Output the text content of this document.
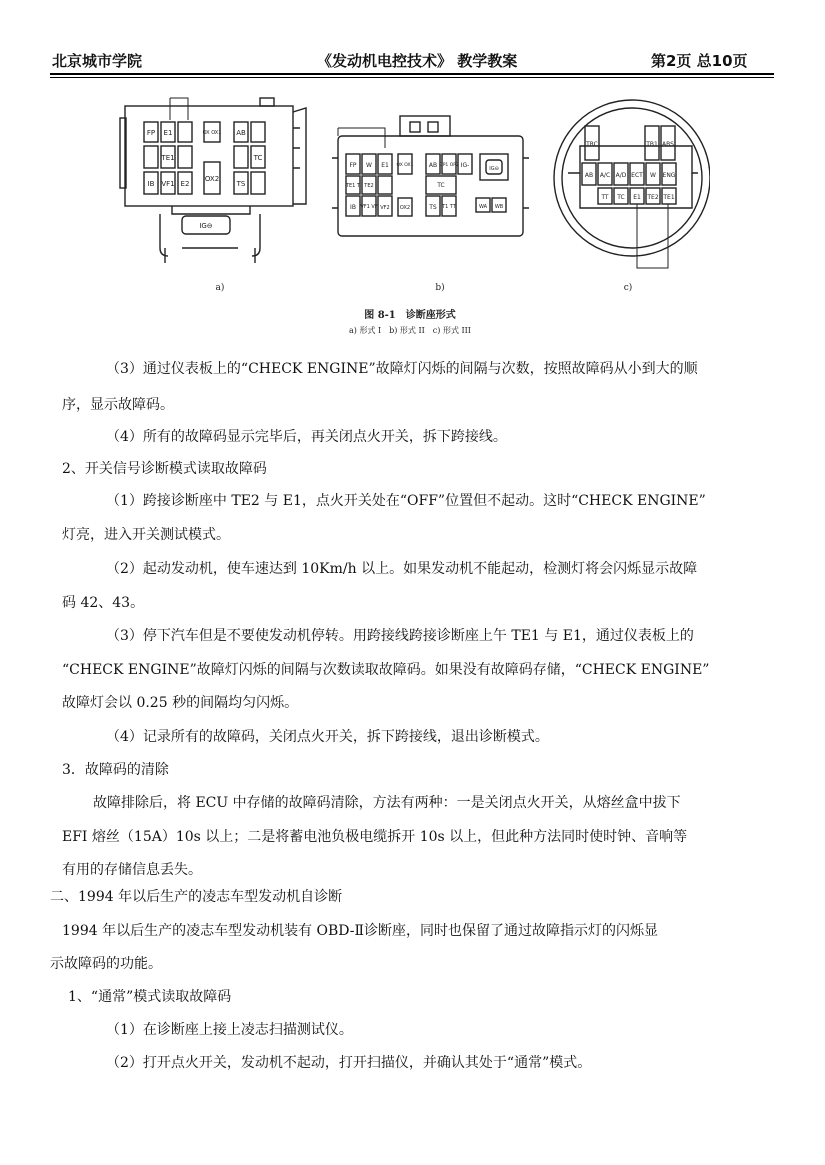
北京城市学院	《发动机电控技术》 教学教案	第2页 总10页
FP E1	OX OX1 AB
TE1	TC
IB VF1 E2
OX2
TS
IG⊖
FP W E1 OX OX1	AB OP1 OP2 IG-
TE1 T TE2	TC
IB VF1 VF VF2 OX2	TS T1 TT
IG⊖
WA WB
TRC	TB1 ABS
AB A/C A/D ECT W ENG
TT TC E1 TE2 TE1
a)	b)	c)
图 8-1　诊断座形式
a) 形式 I　b) 形式 II　c) 形式 III
（3）通过仪表板上的“CHECK ENGINE”故障灯闪烁的间隔与次数，按照故障码从小到大的顺
序，显示故障码。
（4）所有的故障码显示完毕后，再关闭点火开关，拆下跨接线。
2、开关信号诊断模式读取故障码
（1）跨接诊断座中 TE2 与 E1，点火开关处在“OFF”位置但不起动。这时“CHECK ENGINE”
灯亮，进入开关测试模式。
（2）起动发动机，使车速达到 10Km/h 以上。如果发动机不能起动，检测灯将会闪烁显示故障
码 42、43。
（3）停下汽车但是不要使发动机停转。用跨接线跨接诊断座上午 TE1 与 E1，通过仪表板上的
“CHECK ENGINE”故障灯闪烁的间隔与次数读取故障码。如果没有故障码存储，“CHECK ENGINE”
故障灯会以 0.25 秒的间隔均匀闪烁。
（4）记录所有的故障码，关闭点火开关，拆下跨接线，退出诊断模式。
3．故障码的清除
故障排除后，将 ECU 中存储的故障码清除，方法有两种：一是关闭点火开关，从熔丝盒中拔下
EFI 熔丝（15A）10s 以上；二是将蓄电池负极电缆拆开 10s 以上，但此种方法同时使时钟、音响等
有用的存储信息丢失。
二、1994 年以后生产的凌志车型发动机自诊断
1994 年以后生产的凌志车型发动机装有 OBD-Ⅱ诊断座，同时也保留了通过故障指示灯的闪烁显
示故障码的功能。
1、“通常”模式读取故障码
（1）在诊断座上接上凌志扫描测试仪。
（2）打开点火开关，发动机不起动，打开扫描仪，并确认其处于“通常”模式。
